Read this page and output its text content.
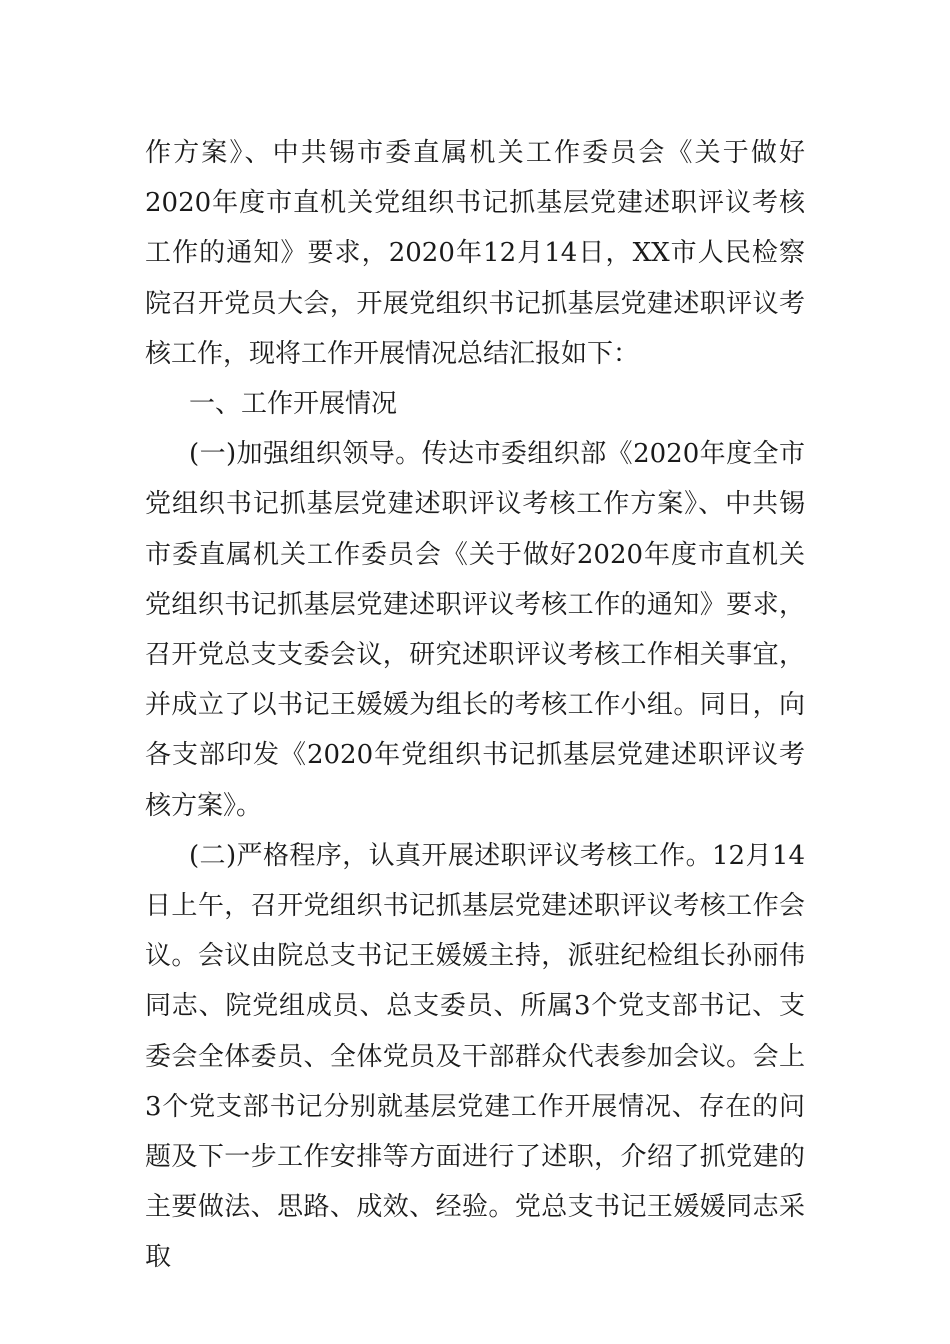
作方案》、中共锡市委直属机关工作委员会《关于做好2020年度市直机关党组织书记抓基层党建述职评议考核工作的通知》要求，2020年12月14日，XX市人民检察院召开党员大会，开展党组织书记抓基层党建述职评议考核工作，现将工作开展情况总结汇报如下：

一、工作开展情况

(一)加强组织领导。传达市委组织部《2020年度全市党组织书记抓基层党建述职评议考核工作方案》、中共锡市委直属机关工作委员会《关于做好2020年度市直机关党组织书记抓基层党建述职评议考核工作的通知》要求，召开党总支支委会议，研究述职评议考核工作相关事宜，并成立了以书记王媛媛为组长的考核工作小组。同日，向各支部印发《2020年党组织书记抓基层党建述职评议考核方案》。

(二)严格程序，认真开展述职评议考核工作。12月14日上午，召开党组织书记抓基层党建述职评议考核工作会议。会议由院总支书记王媛媛主持，派驻纪检组长孙丽伟同志、院党组成员、总支委员、所属3个党支部书记、支委会全体委员、全体党员及干部群众代表参加会议。会上3个党支部书记分别就基层党建工作开展情况、存在的问题及下一步工作安排等方面进行了述职，介绍了抓党建的主要做法、思路、成效、经验。党总支书记王媛媛同志采取
